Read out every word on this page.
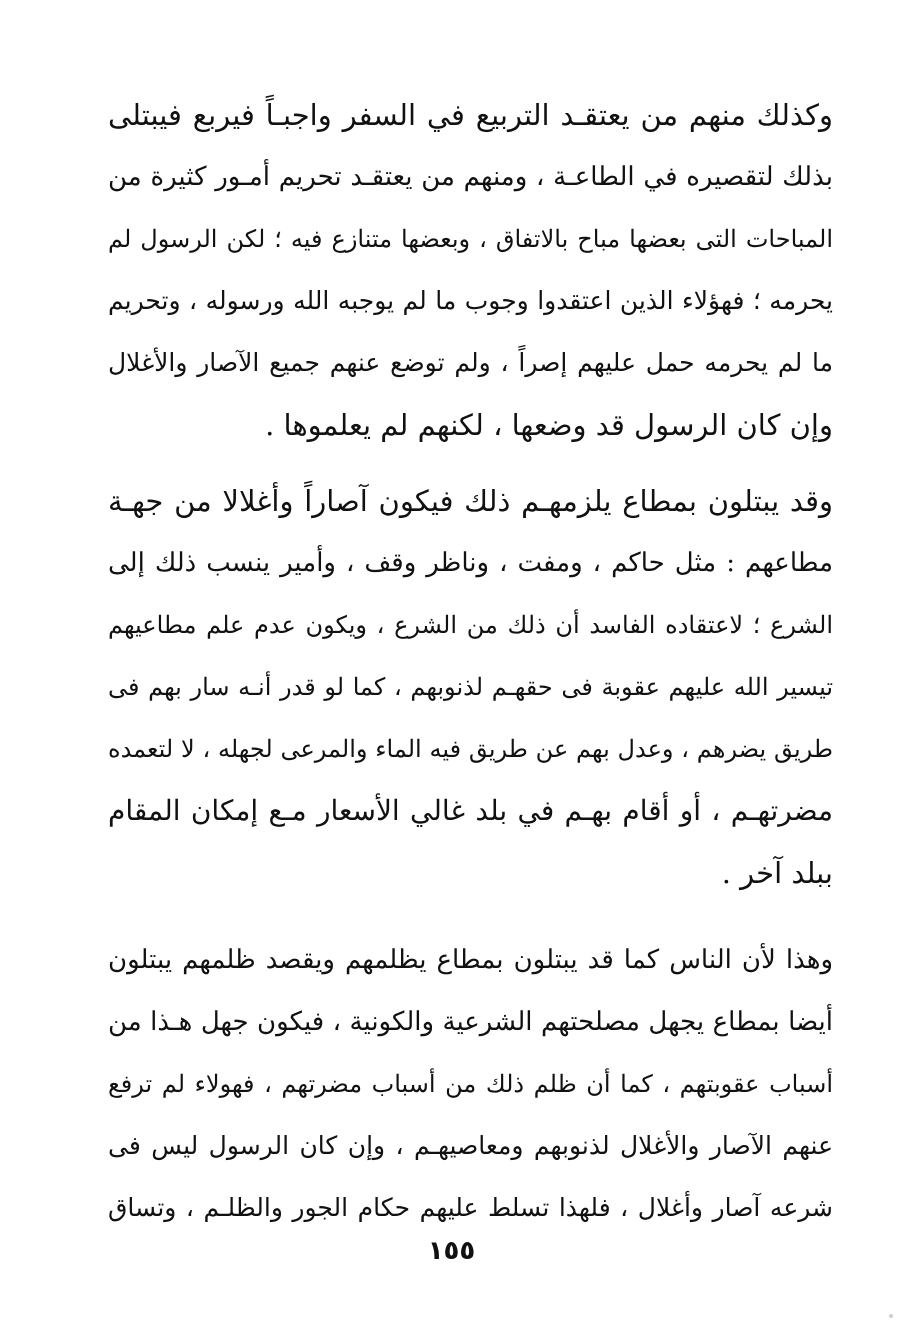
وكذلك منهم من يعتقـد التربيع في السفر واجبـاً فيربع فيبتلى
بذلك لتقصيره في الطاعـة ، ومنهم من يعتقـد تحريم أمـور كثيرة من
المباحات التى بعضها مباح بالاتفاق ، وبعضها متنازع فيه ؛ لكن الرسول لم
يحرمه ؛ فهؤلاء الذين اعتقدوا وجوب ما لم يوجبه الله ورسوله ، وتحريم
ما لم يحرمه حمل عليهم إصراً ، ولم توضع عنهم جميع الآصار والأغلال
وإن كان الرسول قد وضعها ، لكنهم لم يعلموها .
وقد يبتلون بمطاع يلزمهـم ذلك فيكون آصاراً وأغلالا من جهـة
مطاعهم : مثل حاكم ، ومفت ، وناظر وقف ، وأمير ينسب ذلك إلى
الشرع ؛ لاعتقاده الفاسد أن ذلك من الشرع ، ويكون عدم علم مطاعيهم
تيسير الله عليهم عقوبة فى حقهـم لذنوبهم ، كما لو قدر أنـه سار بهم فى
طريق يضرهم ، وعدل بهم عن طريق فيه الماء والمرعى لجهله ، لا لتعمده
مضرتهـم ، أو أقام بهـم في بلد غالي الأسعار مـع إمكان المقام
ببلد آخر .
وهذا لأن الناس كما قد يبتلون بمطاع يظلمهم ويقصد ظلمهم يبتلون
أيضا بمطاع يجهل مصلحتهم الشرعية والكونية ، فيكون جهل هـذا من
أسباب عقوبتهم ، كما أن ظلم ذلك من أسباب مضرتهم ، فهولاء لم ترفع
عنهم الآصار والأغلال لذنوبهم ومعاصيهـم ، وإن كان الرسول ليس فى
شرعه آصار وأغلال ، فلهذا تسلط عليهم حكام الجور والظلـم ، وتساق
١٥٥
